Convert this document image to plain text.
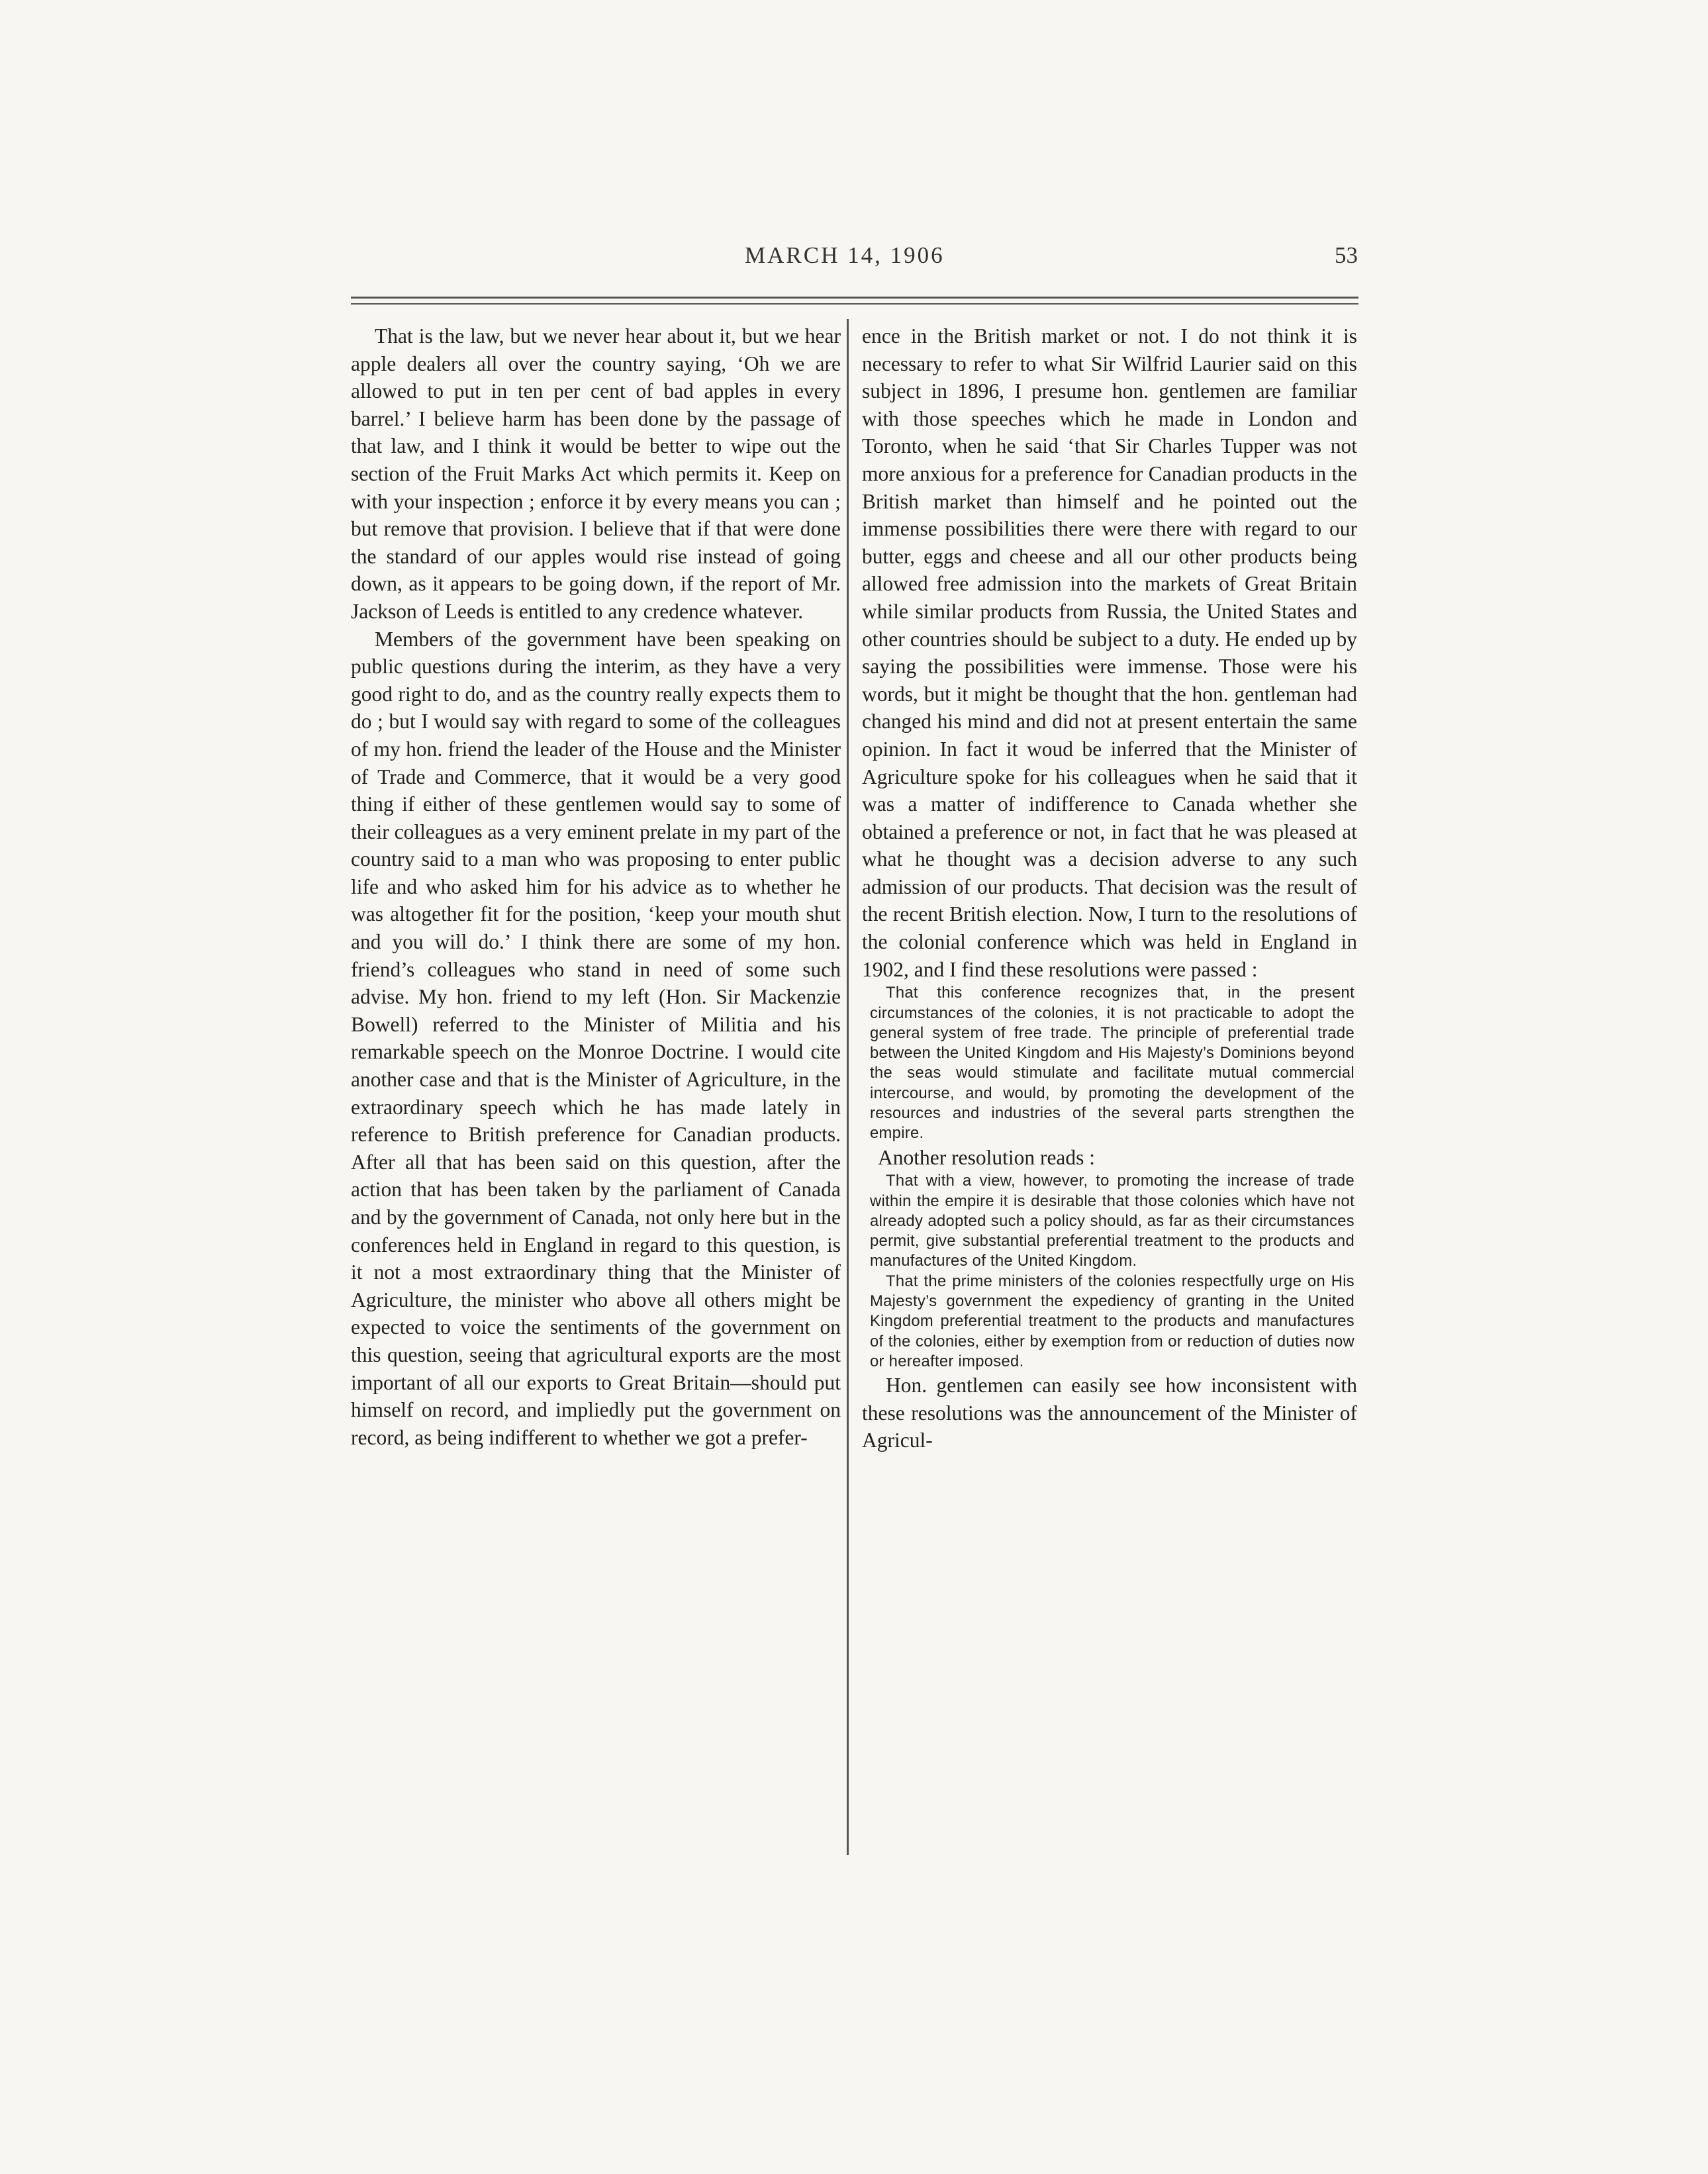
MARCH 14, 1906	53

That is the law, but we never hear about it, but we hear apple dealers all over the country saying, ‘Oh we are allowed to put in ten per cent of bad apples in every barrel.’ I believe harm has been done by the passage of that law, and I think it would be better to wipe out the section of the Fruit Marks Act which permits it. Keep on with your inspection ; enforce it by every means you can ; but remove that provision. I believe that if that were done the standard of our apples would rise instead of going down, as it appears to be going down, if the report of Mr. Jackson of Leeds is entitled to any credence whatever.

Members of the government have been speaking on public questions during the interim, as they have a very good right to do, and as the country really expects them to do ; but I would say with regard to some of the colleagues of my hon. friend the leader of the House and the Minister of Trade and Commerce, that it would be a very good thing if either of these gentlemen would say to some of their colleagues as a very eminent prelate in my part of the country said to a man who was proposing to enter public life and who asked him for his advice as to whether he was altogether fit for the position, ‘keep your mouth shut and you will do.’ I think there are some of my hon. friend’s colleagues who stand in need of some such advise. My hon. friend to my left (Hon. Sir Mackenzie Bowell) referred to the Minister of Militia and his remarkable speech on the Monroe Doctrine. I would cite another case and that is the Minister of Agriculture, in the extraordinary speech which he has made lately in reference to British preference for Canadian products. After all that has been said on this question, after the action that has been taken by the parliament of Canada and by the government of Canada, not only here but in the conferences held in England in regard to this question, is it not a most extraordinary thing that the Minister of Agriculture, the minister who above all others might be expected to voice the sentiments of the government on this question, seeing that agricultural exports are the most important of all our exports to Great Britain—should put himself on record, and impliedly put the government on record, as being indifferent to whether we got a prefer-

ence in the British market or not. I do not think it is necessary to refer to what Sir Wilfrid Laurier said on this subject in 1896, I presume hon. gentlemen are familiar with those speeches which he made in London and Toronto, when he said ‘that Sir Charles Tupper was not more anxious for a preference for Canadian products in the British market than himself and he pointed out the immense possibilities there were there with regard to our butter, eggs and cheese and all our other products being allowed free admission into the markets of Great Britain while similar products from Russia, the United States and other countries should be subject to a duty. He ended up by saying the possibilities were immense. Those were his words, but it might be thought that the hon. gentleman had changed his mind and did not at present entertain the same opinion. In fact it woud be inferred that the Minister of Agriculture spoke for his colleagues when he said that it was a matter of indifference to Canada whether she obtained a preference or not, in fact that he was pleased at what he thought was a decision adverse to any such admission of our products. That decision was the result of the recent British election. Now, I turn to the resolutions of the colonial conference which was held in England in 1902, and I find these resolutions were passed :

That this conference recognizes that, in the present circumstances of the colonies, it is not practicable to adopt the general system of free trade. The principle of preferential trade between the United Kingdom and His Majesty’s Dominions beyond the seas would stimulate and facilitate mutual commercial intercourse, and would, by promoting the development of the resources and industries of the several parts strengthen the empire.

Another resolution reads :

That with a view, however, to promoting the increase of trade within the empire it is desirable that those colonies which have not already adopted such a policy should, as far as their circumstances permit, give substantial preferential treatment to the products and manufactures of the United Kingdom.

That the prime ministers of the colonies respectfully urge on His Majesty’s government the expediency of granting in the United Kingdom preferential treatment to the products and manufactures of the colonies, either by exemption from or reduction of duties now or hereafter imposed.

Hon. gentlemen can easily see how inconsistent with these resolutions was the announcement of the Minister of Agricul-
